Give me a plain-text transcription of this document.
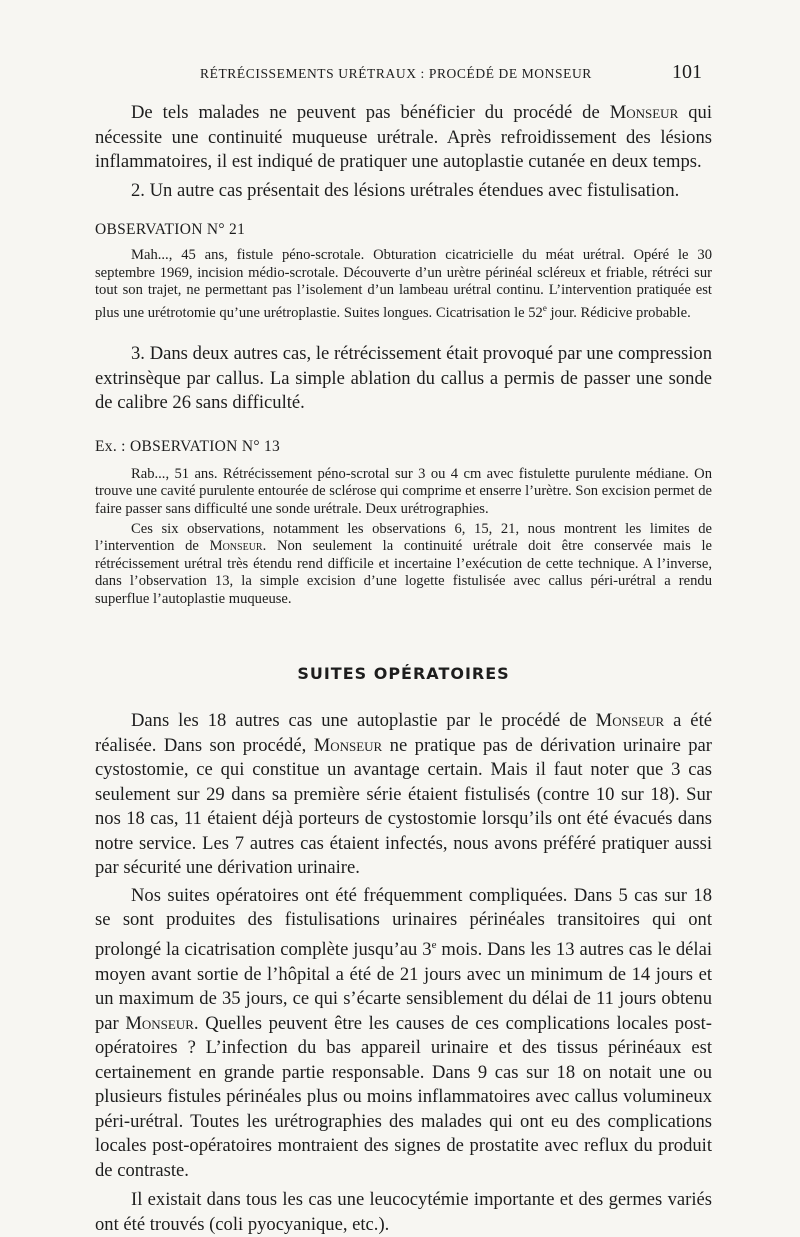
RÉTRÉCISSEMENTS URÉTRAUX : PROCÉDÉ DE MONSEUR	101

De tels malades ne peuvent pas bénéficier du procédé de Monseur qui nécessite une continuité muqueuse urétrale. Après refroidissement des lésions inflammatoires, il est indiqué de pratiquer une autoplastie cutanée en deux temps.

2. Un autre cas présentait des lésions urétrales étendues avec fistulisation.

OBSERVATION N° 21

Mah..., 45 ans, fistule péno-scrotale. Obturation cicatricielle du méat urétral. Opéré le 30 septembre 1969, incision médio-scrotale. Découverte d’un urètre périnéal scléreux et friable, rétréci sur tout son trajet, ne permettant pas l’isolement d’un lambeau urétral continu. L’intervention pratiquée est plus une urétrotomie qu’une urétroplastie. Suites longues. Cicatrisation le 52e jour. Rédicive probable.

3. Dans deux autres cas, le rétrécissement était provoqué par une compression extrinsèque par callus. La simple ablation du callus a permis de passer une sonde de calibre 26 sans difficulté.

Ex. : OBSERVATION N° 13

Rab..., 51 ans. Rétrécissement péno-scrotal sur 3 ou 4 cm avec fistulette purulente médiane. On trouve une cavité purulente entourée de sclérose qui comprime et enserre l’urètre. Son excision permet de faire passer sans difficulté une sonde urétrale. Deux urétrographies.

Ces six observations, notamment les observations 6, 15, 21, nous montrent les limites de l’intervention de Monseur. Non seulement la continuité urétrale doit être conservée mais le rétrécissement urétral très étendu rend difficile et incertaine l’exécution de cette technique. A l’inverse, dans l’observation 13, la simple excision d’une logette fistulisée avec callus péri-urétral a rendu superflue l’autoplastie muqueuse.

SUITES OPÉRATOIRES

Dans les 18 autres cas une autoplastie par le procédé de Monseur a été réalisée. Dans son procédé, Monseur ne pratique pas de dérivation urinaire par cystostomie, ce qui constitue un avantage certain. Mais il faut noter que 3 cas seulement sur 29 dans sa première série étaient fistulisés (contre 10 sur 18). Sur nos 18 cas, 11 étaient déjà porteurs de cystostomie lorsqu’ils ont été évacués dans notre service. Les 7 autres cas étaient infectés, nous avons préféré pratiquer aussi par sécurité une dérivation urinaire.

Nos suites opératoires ont été fréquemment compliquées. Dans 5 cas sur 18 se sont produites des fistulisations urinaires périnéales transitoires qui ont prolongé la cicatrisation complète jusqu’au 3e mois. Dans les 13 autres cas le délai moyen avant sortie de l’hôpital a été de 21 jours avec un minimum de 14 jours et un maximum de 35 jours, ce qui s’écarte sensiblement du délai de 11 jours obtenu par Monseur. Quelles peuvent être les causes de ces complications locales post-opératoires ? L’infection du bas appareil urinaire et des tissus périnéaux est certainement en grande partie responsable. Dans 9 cas sur 18 on notait une ou plusieurs fistules périnéales plus ou moins inflammatoires avec callus volumineux péri-urétral. Toutes les urétrographies des malades qui ont eu des complications locales post-opératoires montraient des signes de prostatite avec reflux du produit de contraste.

Il existait dans tous les cas une leucocytémie importante et des germes variés ont été trouvés (coli pyocyanique, etc.).
